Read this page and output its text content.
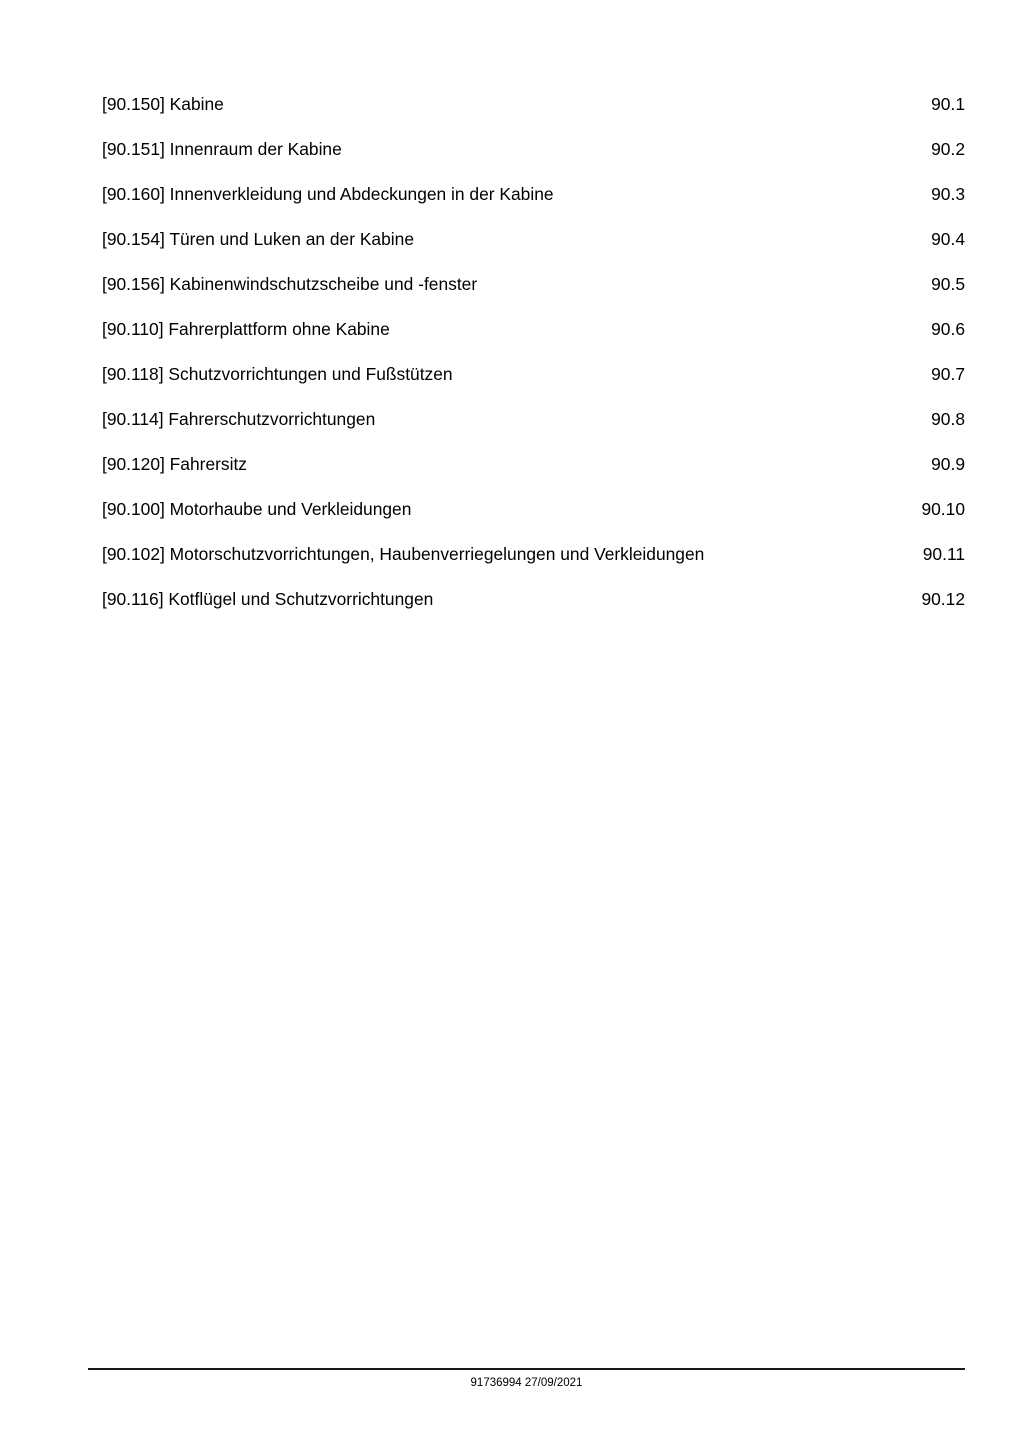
[90.150] Kabine . . .	90.1
[90.151] Innenraum der Kabine . . .	90.2
[90.160] Innenverkleidung und Abdeckungen in der Kabine . . .	90.3
[90.154] Türen und Luken an der Kabine . . .	90.4
[90.156] Kabinenwindschutzscheibe und -fenster . . .	90.5
[90.110] Fahrerplattform ohne Kabine . . .	90.6
[90.118] Schutzvorrichtungen und Fußstützen . . .	90.7
[90.114] Fahrerschutzvorrichtungen . . .	90.8
[90.120] Fahrersitz . . .	90.9
[90.100] Motorhaube und Verkleidungen . . .	90.10
[90.102] Motorschutzvorrichtungen, Haubenverriegelungen und Verkleidungen . . .	90.11
[90.116] Kotflügel und Schutzvorrichtungen . . .	90.12
91736994 27/09/2021
